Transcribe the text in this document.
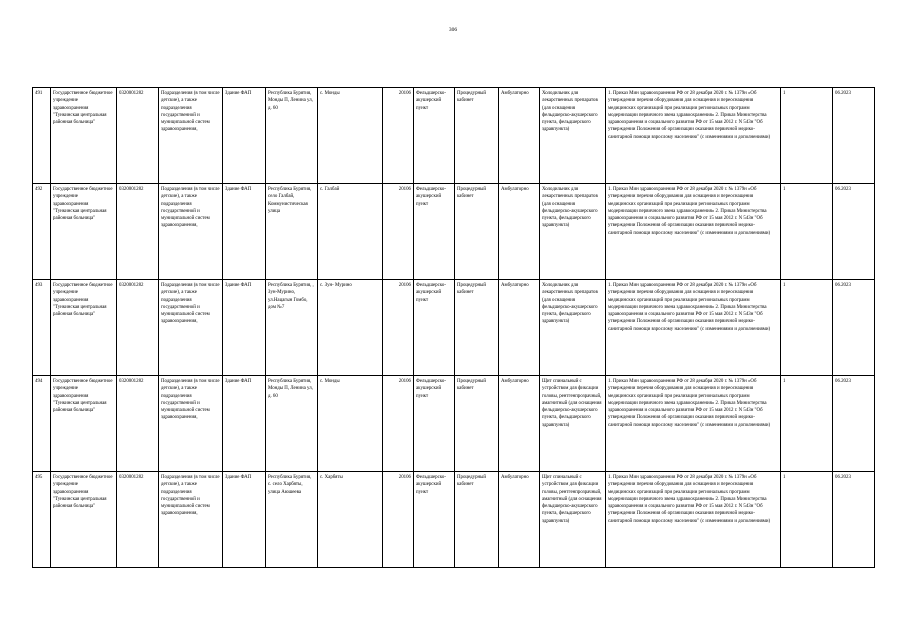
306
491	Государственное бюджетное учреждение здравоохранения "Тункинская центральная районная больница"	0320001282	Подразделения (в том числе детские), а также подразделения государственной и муниципальной систем здравоохранения,	Здание ФАП	Республика Бурятия, Монды П, Ленина ул, д. 60	с. Монды	20106	Фельдшерско-акушерский пункт	Процедурный кабинет	Амбулаторно	Холодильник для лекарственных препаратов (для оснащения фельдшерско-акушерского пункта, фельдшерского здравпункта)	1. Приказ Мин здравоохранения РФ от 28 декабря 2020 г. № 1379н «Об утверждении перечня оборудования для оснащения и переоснащения медицинских организаций при реализации региональных программ модернизации первичного звена здравоохранения» 2. Приказ Министерства здравоохранения и социального развития РФ от 15 мая 2012 г. N 543н "Об утверждении Положения об организации оказания первичной медико-санитарной помощи взрослому населению" (с изменениями и дополнениями)	1	06.2023
492	Государственное бюджетное учреждение здравоохранения "Тункинская центральная районная больница"	0320001282	Подразделения (в том числе детские), а также подразделения государственной и муниципальной систем здравоохранения,	Здание ФАП	Республика Бурятия, село Галбай, Коммунистическая улица	с. Галбай	20106	Фельдшерско-акушерский пункт	Процедурный кабинет	Амбулаторно	Холодильник для лекарственных препаратов (для оснащения фельдшерско-акушерского пункта, фельдшерского здравпункта)	1. Приказ Мин здравоохранения РФ от 28 декабря 2020 г. № 1379н «Об утверждении перечня оборудования для оснащения и переоснащения медицинских организаций при реализации региональных программ модернизации первичного звена здравоохранения» 2. Приказ Министерства здравоохранения и социального развития РФ от 15 мая 2012 г. N 543н "Об утверждении Положения об организации оказания первичной медико-санитарной помощи взрослому населению" (с изменениями и дополнениями)	1	06.2023
493	Государственное бюджетное учреждение здравоохранения "Тункинская центральная районная больница"	0320001282	Подразделения (в том числе детские), а также подразделения государственной и муниципальной систем здравоохранения,	Здание ФАП	Республика Бурятия, , Зун-Мурино, ул.Нацагын Гомбо, дом №7	с. Зун- Мурино	20106	Фельдшерско-акушерский пункт	Процедурный кабинет	Амбулаторно	Холодильник для лекарственных препаратов (для оснащения фельдшерско-акушерского пункта, фельдшерского здравпункта)	1. Приказ Мин здравоохранения РФ от 28 декабря 2020 г. № 1379н «Об утверждении перечня оборудования для оснащения и переоснащения медицинских организаций при реализации региональных программ модернизации первичного звена здравоохранения» 2. Приказ Министерства здравоохранения и социального развития РФ от 15 мая 2012 г. N 543н "Об утверждении Положения об организации оказания первичной медико-санитарной помощи взрослому населению" (с изменениями и дополнениями)	1	06.2023
494	Государственное бюджетное учреждение здравоохранения "Тункинская центральная районная больница"	0320001282	Подразделения (в том числе детские), а также подразделения государственной и муниципальной систем здравоохранения,	Здание ФАП	Республика Бурятия, Монды П, Ленина ул, д. 60	с. Монды	20106	Фельдшерско-акушерский пункт	Процедурный кабинет	Амбулаторно	Щит спинальный с устройством для фиксации головы, рентгенпрозрачный, амагнитный (для оснащения фельдшерско-акушерского пункта, фельдшерского здравпункта)	1. Приказ Мин здравоохранения РФ от 28 декабря 2020 г. № 1379н «Об утверждении перечня оборудования для оснащения и переоснащения медицинских организаций при реализации региональных программ модернизации первичного звена здравоохранения» 2. Приказ Министерства здравоохранения и социального развития РФ от 15 мая 2012 г. N 543н "Об утверждении Положения об организации оказания первичной медико-санитарной помощи взрослому населению" (с изменениями и дополнениями)	1	06.2023
495	Государственное бюджетное учреждение здравоохранения "Тункинская центральная районная больница"	0320001282	Подразделения (в том числе детские), а также подразделения государственной и муниципальной систем здравоохранения,	Здание ФАП	Республика Бурятия, с. село Харбяты, улица Аюшеева	с. Харбяты	20106	Фельдшерско-акушерский пункт	Процедурный кабинет	Амбулаторно	Щит спинальный с устройством для фиксации головы, рентгенпрозрачный, амагнитный (для оснащения фельдшерско-акушерского пункта, фельдшерского здравпункта)	1. Приказ Мин здравоохранения РФ от 28 декабря 2020 г. № 1379н «Об утверждении перечня оборудования для оснащения и переоснащения медицинских организаций при реализации региональных программ модернизации первичного звена здравоохранения» 2. Приказ Министерства здравоохранения и социального развития РФ от 15 мая 2012 г. N 543н "Об утверждении Положения об организации оказания первичной медико-санитарной помощи взрослому населению" (с изменениями и дополнениями)	1	06.2023
